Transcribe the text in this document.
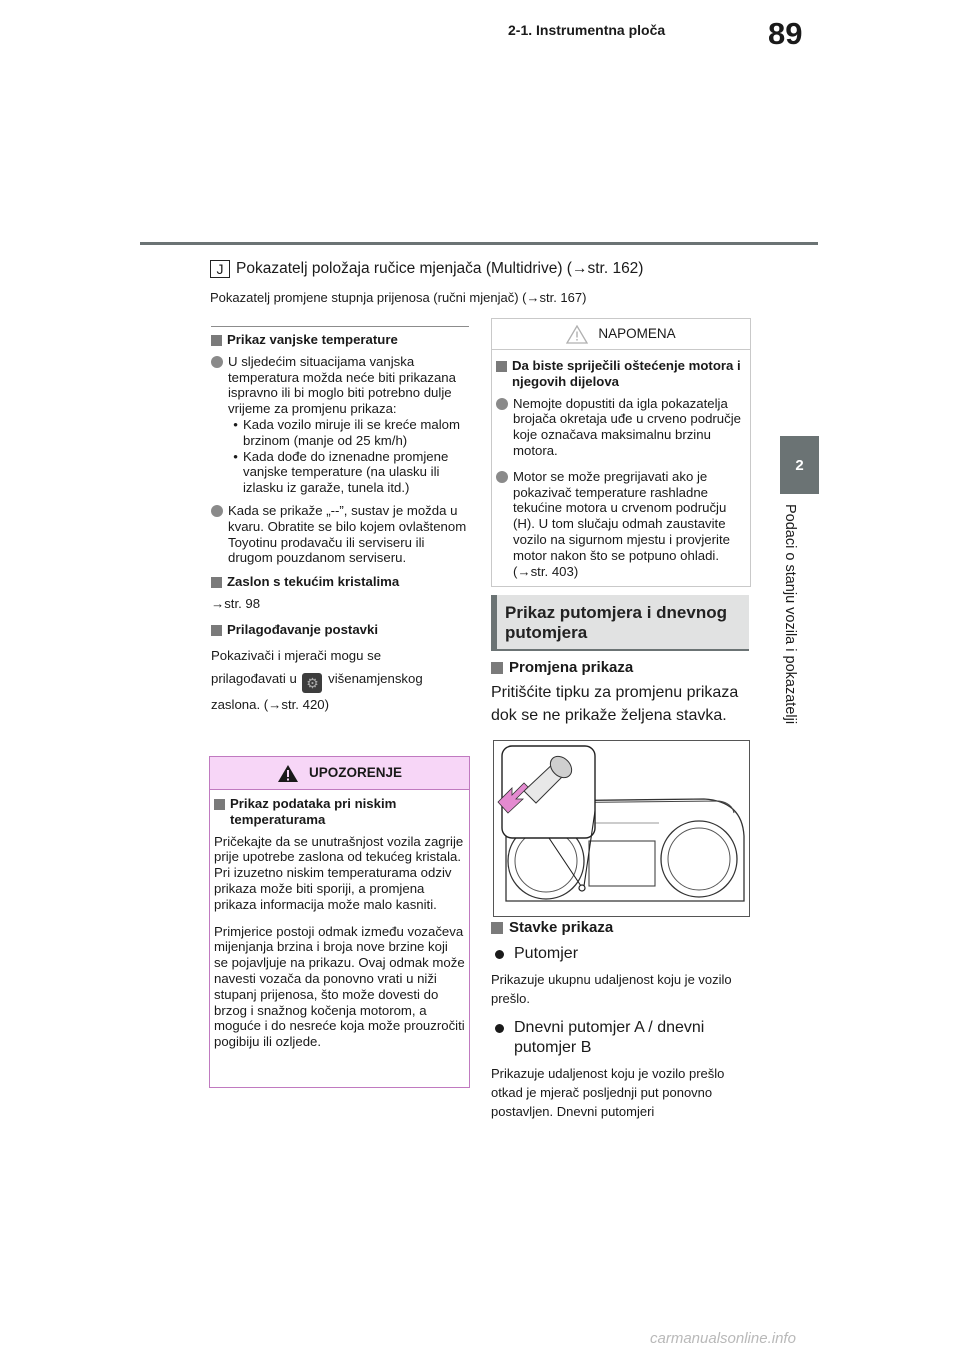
89
2-1. Instrumentna ploča
2
Podaci o stanju vozila i pokazatelji
J Pokazatelj položaja ručice mjenjača (Multidrive) (→str. 162)
Pokazatelj promjene stupnja prijenosa (ručni mjenjač) (→str. 167)
Prikaz vanjske temperature
U sljedećim situacijama vanjska temperatura možda neće biti prikazana ispravno ili bi moglo biti potrebno dulje vrijeme za promjenu prikaza:
• Kada vozilo miruje ili se kreće malom brzinom (manje od 25 km/h)
• Kada dođe do iznenadne promjene vanjske temperature (na ulasku ili izlasku iz garaže, tunela itd.)
Kada se prikaže „--”, sustav je možda u kvaru. Obratite se bilo kojem ovlaštenom Toyotinu prodavaču ili serviseru ili drugom pouzdanom serviseru.
Zaslon s tekućim kristalima
→str. 98
Prilagođavanje postavki
Pokazivači i mjerači mogu se
prilagođavati u ⚙ višenamjenskog
zaslona. (→str. 420)
UPOZORENJE
Prikaz podataka pri niskim temperaturama
Pričekajte da se unutrašnjost vozila zagrije prije upotrebe zaslona od tekućeg kristala. Pri izuzetno niskim temperaturama odziv prikaza može biti sporiji, a promjena prikaza informacija može malo kasniti.
Primjerice postoji odmak između vozačeva mijenjanja brzina i broja nove brzine koji se pojavljuje na prikazu. Ovaj odmak može navesti vozača da ponovno vrati u niži stupanj prijenosa, što može dovesti do brzog i snažnog kočenja motorom, a moguće i do nesreće koja može prouzročiti pogibiju ili ozljede.
NAPOMENA
Da biste spriječili oštećenje motora i njegovih dijelova
Nemojte dopustiti da igla pokazatelja brojača okretaja uđe u crveno područje koje označava maksimalnu brzinu motora.
Motor se može pregrijavati ako je pokazivač temperature rashladne tekućine motora u crvenom području (H). U tom slučaju odmah zaustavite vozilo na sigurnom mjestu i provjerite motor nakon što se potpuno ohladi. (→str. 403)
Prikaz putomjera i dnevnog putomjera
Promjena prikaza
Pritišćite tipku za promjenu prikaza dok se ne prikaže željena stavka.
Stavke prikaza
Putomjer
Prikazuje ukupnu udaljenost koju je vozilo prešlo.
Dnevni putomjer A / dnevni putomjer B
Prikazuje udaljenost koju je vozilo prešlo otkad je mjerač posljednji put ponovno postavljen. Dnevni putomjeri
carmanualsonline.info
